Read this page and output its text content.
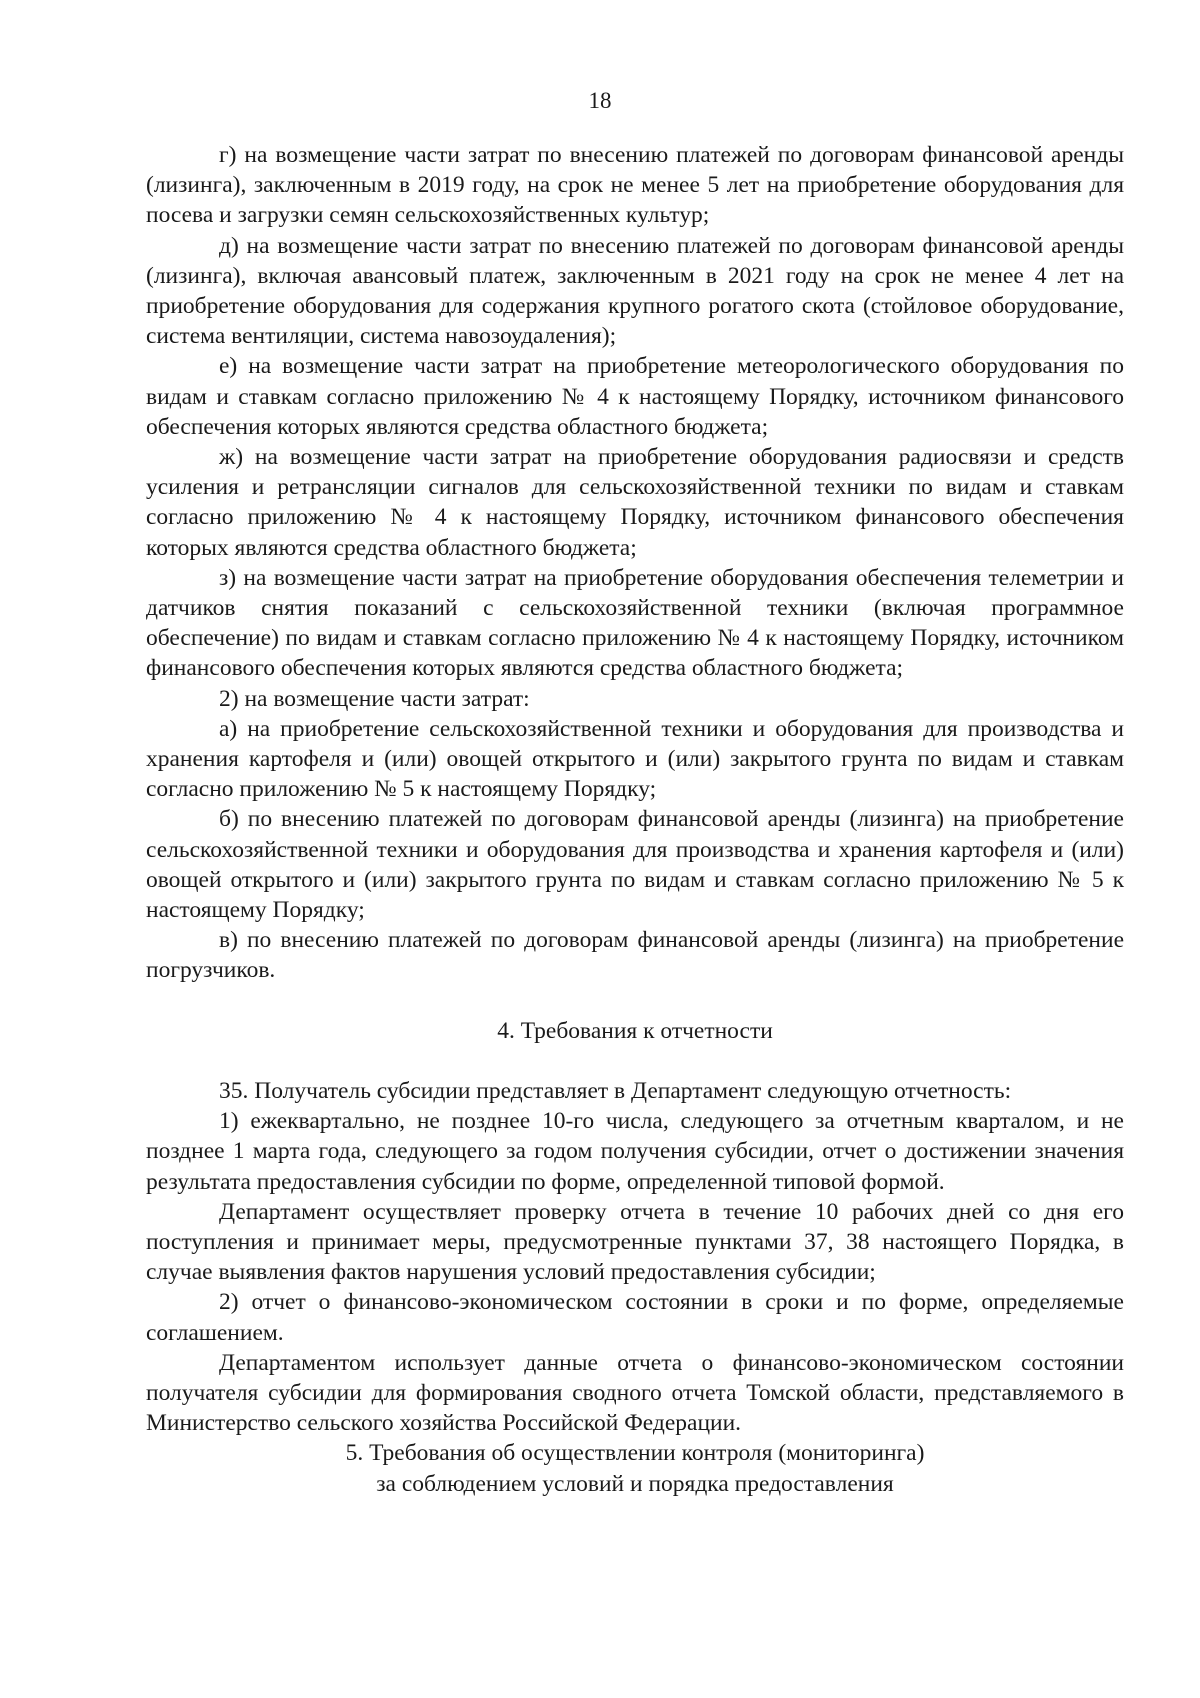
18

г) на возмещение части затрат по внесению платежей по договорам финансовой аренды (лизинга), заключенным в 2019 году, на срок не менее 5 лет на приобретение оборудования для посева и загрузки семян сельскохозяйственных культур;

д) на возмещение части затрат по внесению платежей по договорам финансовой аренды (лизинга), включая авансовый платеж, заключенным в 2021 году на срок не менее 4 лет на приобретение оборудования для содержания крупного рогатого скота (стойловое оборудование, система вентиляции, система навозоудаления);

е) на возмещение части затрат на приобретение метеорологического оборудования по видам и ставкам согласно приложению № 4 к настоящему Порядку, источником финансового обеспечения которых являются средства областного бюджета;

ж) на возмещение части затрат на приобретение оборудования радиосвязи и средств усиления и ретрансляции сигналов для сельскохозяйственной техники по видам и ставкам согласно приложению № 4 к настоящему Порядку, источником финансового обеспечения которых являются средства областного бюджета;

з) на возмещение части затрат на приобретение оборудования обеспечения телеметрии и датчиков снятия показаний с сельскохозяйственной техники (включая программное обеспечение) по видам и ставкам согласно приложению № 4 к настоящему Порядку, источником финансового обеспечения которых являются средства областного бюджета;

2) на возмещение части затрат:

а) на приобретение сельскохозяйственной техники и оборудования для производства и хранения картофеля и (или) овощей открытого и (или) закрытого грунта по видам и ставкам согласно приложению № 5 к настоящему Порядку;

б) по внесению платежей по договорам финансовой аренды (лизинга) на приобретение сельскохозяйственной техники и оборудования для производства и хранения картофеля и (или) овощей открытого и (или) закрытого грунта по видам и ставкам согласно приложению № 5 к настоящему Порядку;

в) по внесению платежей по договорам финансовой аренды (лизинга) на приобретение погрузчиков.

4. Требования к отчетности

35. Получатель субсидии представляет в Департамент следующую отчетность:

1) ежеквартально, не позднее 10-го числа, следующего за отчетным кварталом, и не позднее 1 марта года, следующего за годом получения субсидии, отчет о достижении значения результата предоставления субсидии по форме, определенной типовой формой.

Департамент осуществляет проверку отчета в течение 10 рабочих дней со дня его поступления и принимает меры, предусмотренные пунктами 37, 38 настоящего Порядка, в случае выявления фактов нарушения условий предоставления субсидии;

2) отчет о финансово-экономическом состоянии в сроки и по форме, определяемые соглашением.

Департаментом использует данные отчета о финансово-экономическом состоянии получателя субсидии для формирования сводного отчета Томской области, представляемого в Министерство сельского хозяйства Российской Федерации.

5. Требования об осуществлении контроля (мониторинга)

за соблюдением условий и порядка предоставления
